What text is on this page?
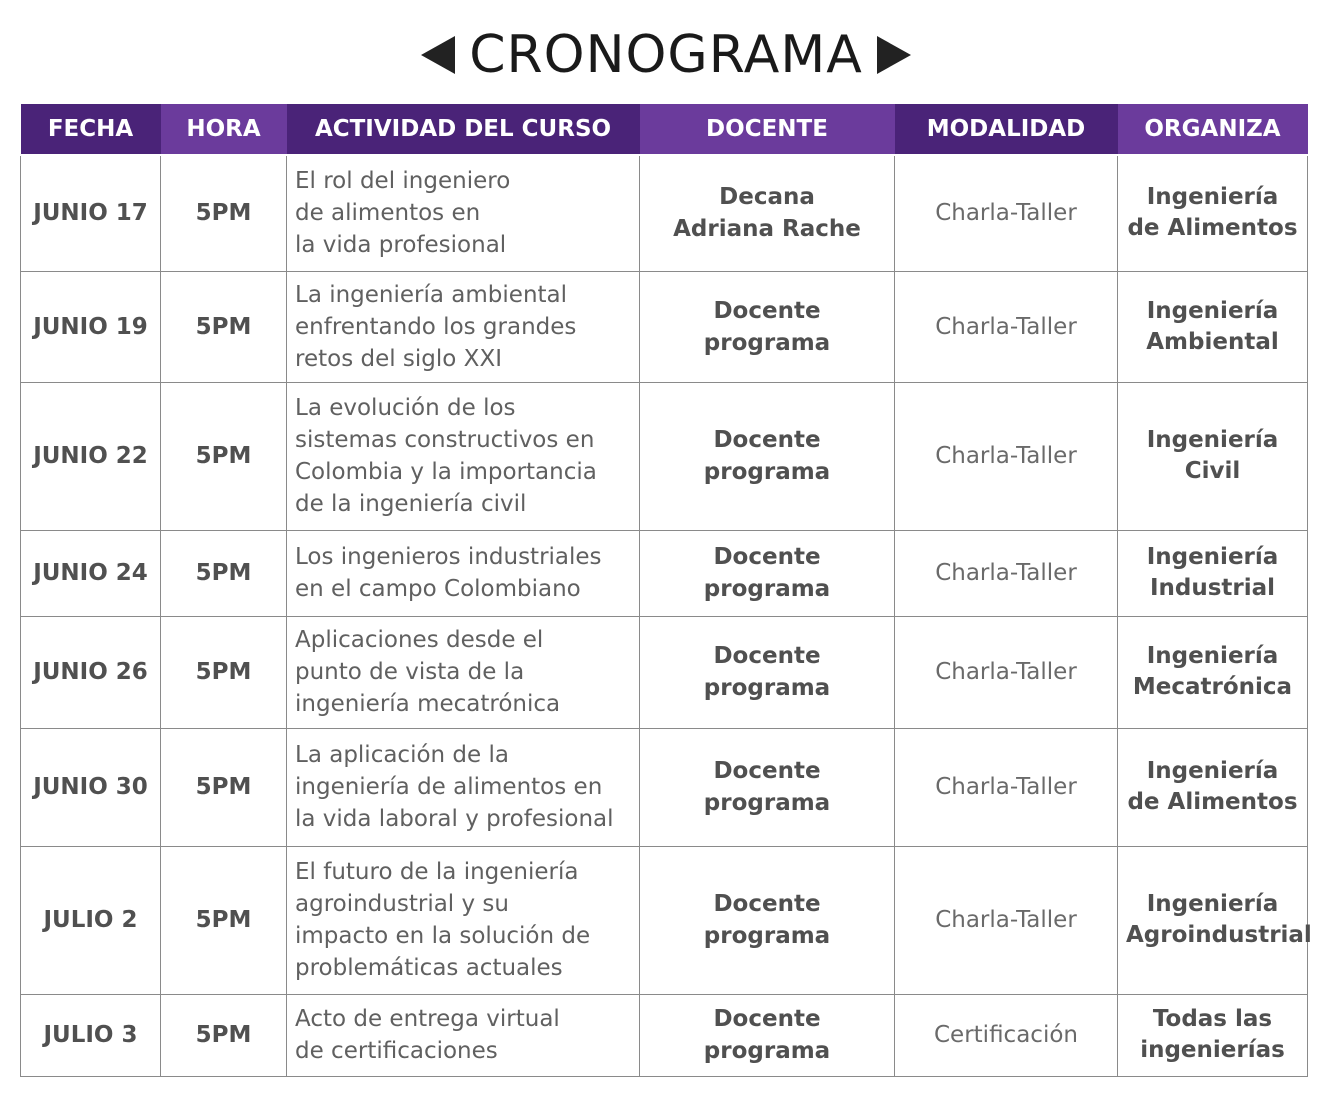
CRONOGRAMA
FECHA	HORA	ACTIVIDAD DEL CURSO	DOCENTE	MODALIDAD	ORGANIZA
JUNIO 17	5PM	El rol del ingeniero
de alimentos en
la vida profesional	Decana
Adriana Rache	Charla-Taller	Ingeniería
de Alimentos

JUNIO 19	5PM	La ingeniería ambiental
enfrentando los grandes
retos del siglo XXI	Docente
programa	Charla-Taller	Ingeniería
Ambiental

JUNIO 22	5PM	La evolución de los
sistemas constructivos en
Colombia y la importancia
de la ingeniería civil	Docente
programa	Charla-Taller	Ingeniería
Civil

JUNIO 24	5PM	Los ingenieros industriales
en el campo Colombiano	Docente
programa	Charla-Taller	Ingeniería
Industrial

JUNIO 26	5PM	Aplicaciones desde el
punto de vista de la
ingeniería mecatrónica	Docente
programa	Charla-Taller	Ingeniería
Mecatrónica

JUNIO 30	5PM	La aplicación de la
ingeniería de alimentos en
la vida laboral y profesional	Docente
programa	Charla-Taller	Ingeniería
de Alimentos

JULIO 2	5PM	El futuro de la ingeniería
agroindustrial y su
impacto en la solución de
problemáticas actuales	Docente
programa	Charla-Taller	Ingeniería
Agroindustrial

JULIO 3	5PM	Acto de entrega virtual
de certificaciones	Docente
programa	Certificación	Todas las
ingenierías
